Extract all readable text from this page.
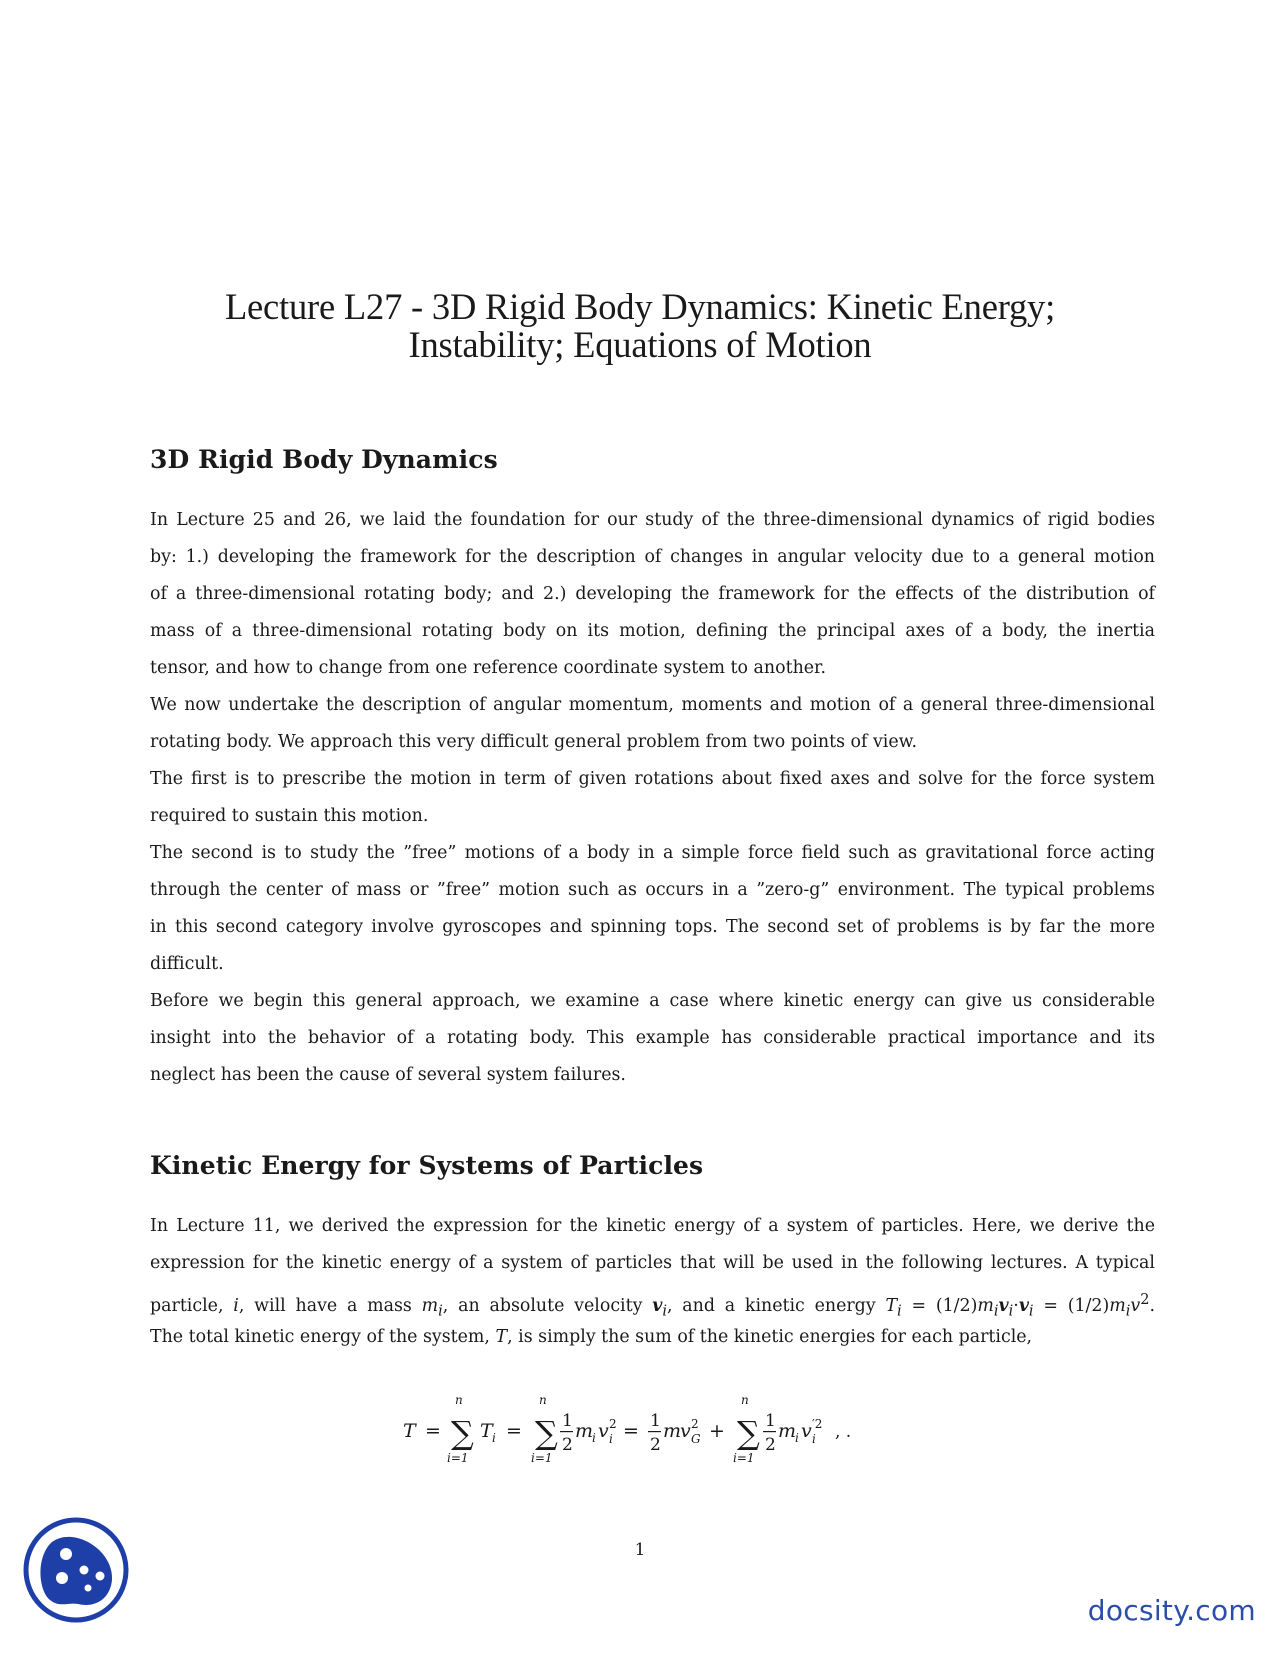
Lecture L27 - 3D Rigid Body Dynamics: Kinetic Energy;
Instability; Equations of Motion
3D Rigid Body Dynamics
In Lecture 25 and 26, we laid the foundation for our study of the three-dimensional dynamics of rigid bodies
by: 1.) developing the framework for the description of changes in angular velocity due to a general motion
of a three-dimensional rotating body; and 2.) developing the framework for the effects of the distribution of
mass of a three-dimensional rotating body on its motion, defining the principal axes of a body, the inertia
tensor, and how to change from one reference coordinate system to another.
We now undertake the description of angular momentum, moments and motion of a general three-dimensional
rotating body. We approach this very difficult general problem from two points of view.
The first is to prescribe the motion in term of given rotations about fixed axes and solve for the force system
required to sustain this motion.
The second is to study the ”free” motions of a body in a simple force field such as gravitational force acting
through the center of mass or ”free” motion such as occurs in a ”zero-g” environment. The typical problems
in this second category involve gyroscopes and spinning tops. The second set of problems is by far the more
difficult.
Before we begin this general approach, we examine a case where kinetic energy can give us considerable
insight into the behavior of a rotating body. This example has considerable practical importance and its
neglect has been the cause of several system failures.
Kinetic Energy for Systems of Particles
In Lecture 11, we derived the expression for the kinetic energy of a system of particles. Here, we derive the
expression for the kinetic energy of a system of particles that will be used in the following lectures. A typical
particle, i, will have a mass $m_i$, an absolute velocity $v_i$, and a kinetic energy $T_i = (1/2)m_iv_i\cdot v_i = (1/2)m_iv^2$.
The total kinetic energy of the system, T, is simply the sum of the kinetic energies for each particle,
T =
n
∑
i=1
T i =
n
∑
i=1
1
2
m
i v 2
i = 1
2
m
v 2
G +
n
∑
i=1
1
2
m
i v ′2
i , .
1
docsity.com
